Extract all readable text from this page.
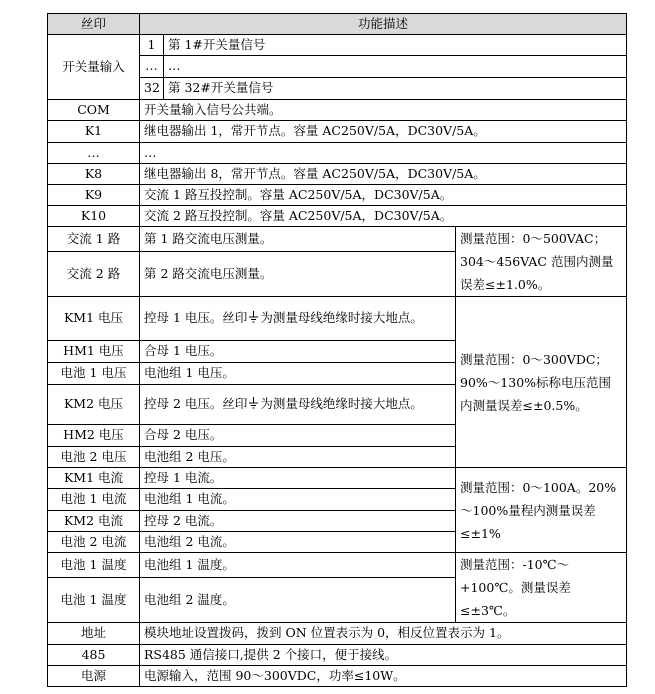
丝印	功能描述		
开关量输入	1	第 1#开关量信号	
	…	…	
	32	第 32#开关量信号	
COM	开关量输入信号公共端。		
K1	继电器输出 1，常开节点。容量 AC250V/5A，DC30V/5A。		
…	…		
K8	继电器输出 8，常开节点。容量 AC250V/5A，DC30V/5A。		
K9	交流 1 路互投控制。容量 AC250V/5A，DC30V/5A。		
K10	交流 2 路互投控制。容量 AC250V/5A，DC30V/5A。		
交流 1 路	第 1 路交流电压测量。		测量范围：0～500VAC；304～456VAC 范围内测量误差≤±1.0%。
交流 2 路	第 2 路交流电压测量。		
KM1 电压	控母 1 电压。丝印 为测量母线绝缘时接大地点。		测量范围：0～300VDC；90%～130%标称电压范围内测量误差≤±0.5%。
HM1 电压	合母 1 电压。		
电池 1 电压	电池组 1 电压。		
KM2 电压	控母 2 电压。丝印 为测量母线绝缘时接大地点。		
HM2 电压	合母 2 电压。		
电池 2 电压	电池组 2 电压。		
KM1 电流	控母 1 电流。		测量范围：0～100A。20%～100%量程内测量误差≤±1%
电池 1 电流	电池组 1 电流。		
KM2 电流	控母 2 电流。		
电池 2 电流	电池组 2 电流。		
电池 1 温度	电池组 1 温度。		测量范围：-10℃～+100℃。测量误差≤±3℃。
电池 1 温度	电池组 2 温度。		
地址	模块地址设置拨码，拨到 ON 位置表示为 0，相反位置表示为 1。		
485	RS485 通信接口,提供 2 个接口，便于接线。		
电源	电源输入，范围 90～300VDC，功率≤10W。		
